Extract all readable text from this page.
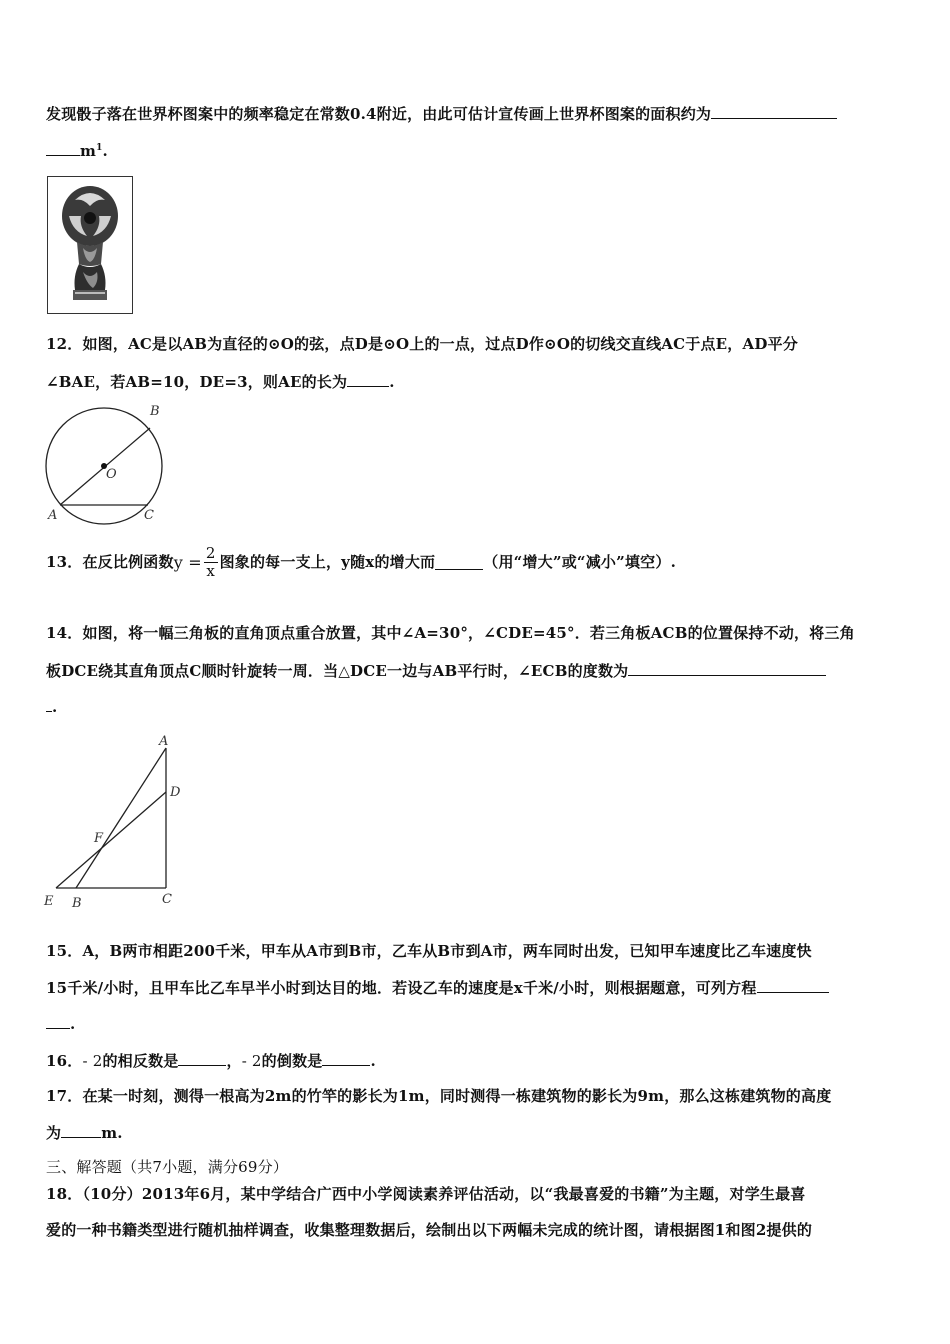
发现骰子落在世界杯图案中的频率稳定在常数0.4附近，由此可估计宣传画上世界杯图案的面积约为
$m^1$.
12．如图，AC是以AB为直径的⊙O的弦，点D是⊙O上的一点，过点D作⊙O的切线交直线AC于点E，AD平分
∠BAE，若AB=10，DE=3，则AE的长为	.
A
B
C
O
13．在反比例函数$y = \frac{2}{x}$ 图象的每一支上，y随x的增大而	（用“增大”或“减小”填空）.
14．如图，将一幅三角板的直角顶点重合放置，其中∠A=30°，∠CDE=45°．若三角板ACB的位置保持不动，将三角
板DCE绕其直角顶点C顺时针旋转一周．当△DCE一边与AB平行时，∠ECB的度数为
.
A
D
F
E B	C
15．A，B两市相距200千米，甲车从A市到B市，乙车从B市到A市，两车同时出发，已知甲车速度比乙车速度快
15千米/小时，且甲车比乙车早半小时到达目的地．若设乙车的速度是x千米/小时，则根据题意，可列方程
.
16．- 2的相反数是	，- 2的倒数是	.
17．在某一时刻，测得一根高为2m的竹竿的影长为1m，同时测得一栋建筑物的影长为9m，那么这栋建筑物的高度
为	m.
三、解答题（共7小题，满分69分）
18．（10分）2013年6月，某中学结合广西中小学阅读素养评估活动，以“我最喜爱的书籍”为主题，对学生最喜
爱的一种书籍类型进行随机抽样调查，收集整理数据后，绘制出以下两幅未完成的统计图，请根据图1和图2提供的
